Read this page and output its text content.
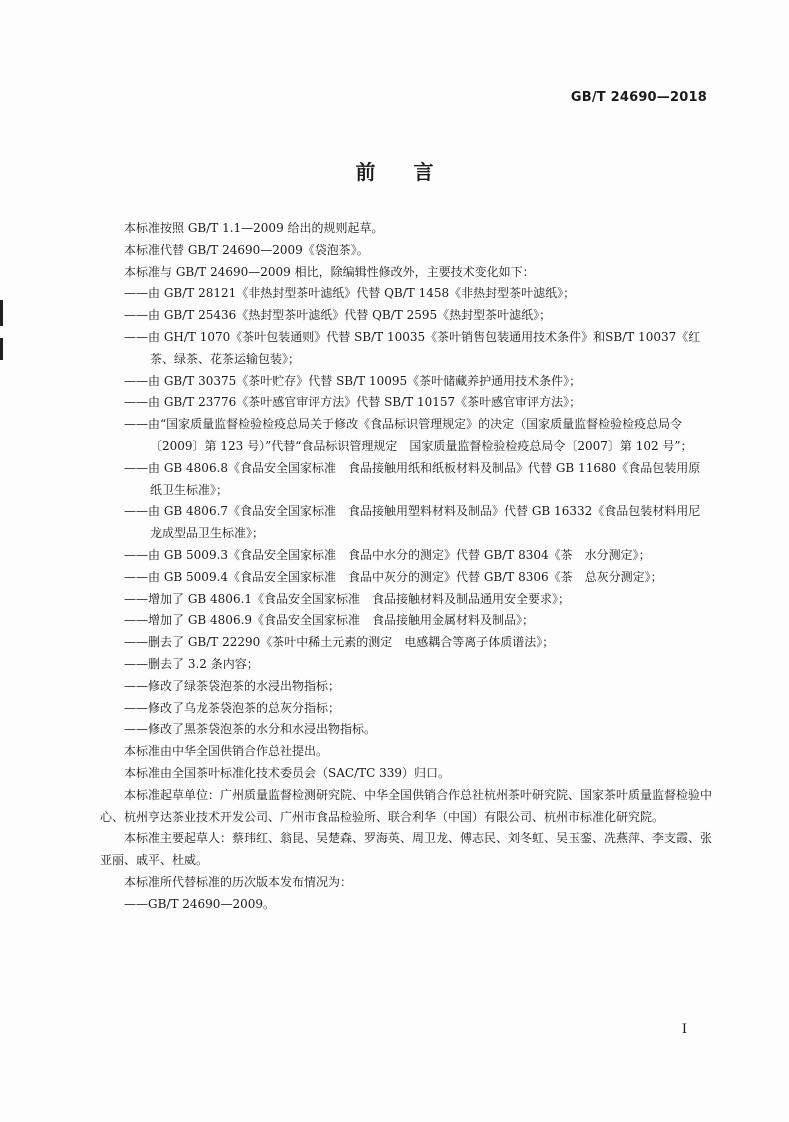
GB/T 24690—2018
前言

本标准按照 GB/T 1.1—2009 给出的规则起草。

本标准代替 GB/T 24690—2009《袋泡茶》。

本标准与 GB/T 24690—2009 相比，除编辑性修改外，主要技术变化如下：

——由 GB/T 28121《非热封型茶叶滤纸》代替 QB/T 1458《非热封型茶叶滤纸》；

——由 GB/T 25436《热封型茶叶滤纸》代替 QB/T 2595《热封型茶叶滤纸》；

——由 GH/T 1070《茶叶包装通则》代替 SB/T 10035《茶叶销售包装通用技术条件》和SB/T 10037《红茶、绿茶、花茶运输包装》；

——由 GB/T 30375《茶叶贮存》代替 SB/T 10095《茶叶储藏养护通用技术条件》；

——由 GB/T 23776《茶叶感官审评方法》代替 SB/T 10157《茶叶感官审评方法》；

——由“国家质量监督检验检疫总局关于修改《食品标识管理规定》的决定（国家质量监督检验检疫总局令〔2009〕第 123 号）”代替“食品标识管理规定　国家质量监督检验检疫总局令〔2007〕第 102 号”；

——由 GB 4806.8《食品安全国家标准　食品接触用纸和纸板材料及制品》代替 GB 11680《食品包装用原纸卫生标准》；

——由 GB 4806.7《食品安全国家标准　食品接触用塑料材料及制品》代替 GB 16332《食品包装材料用尼龙成型品卫生标准》；

——由 GB 5009.3《食品安全国家标准　食品中水分的测定》代替 GB/T 8304《茶　水分测定》；

——由 GB 5009.4《食品安全国家标准　食品中灰分的测定》代替 GB/T 8306《茶　总灰分测定》；

——增加了 GB 4806.1《食品安全国家标准　食品接触材料及制品通用安全要求》；

——增加了 GB 4806.9《食品安全国家标准　食品接触用金属材料及制品》；

——删去了 GB/T 22290《茶叶中稀土元素的测定　电感耦合等离子体质谱法》；

——删去了 3.2 条内容；

——修改了绿茶袋泡茶的水浸出物指标；

——修改了乌龙茶袋泡茶的总灰分指标；

——修改了黑茶袋泡茶的水分和水浸出物指标。

本标准由中华全国供销合作总社提出。

本标准由全国茶叶标准化技术委员会（SAC/TC 339）归口。

本标准起草单位：广州质量监督检测研究院、中华全国供销合作总社杭州茶叶研究院、国家茶叶质量监督检验中心、杭州亨达茶业技术开发公司、广州市食品检验所、联合利华（中国）有限公司、杭州市标准化研究院。

本标准主要起草人：蔡玮红、翁昆、吴楚森、罗海英、周卫龙、傅志民、刘冬虹、吴玉銮、冼燕萍、李支霞、张亚丽、戚平、杜威。

本标准所代替标准的历次版本发布情况为：

——GB/T 24690—2009。

I
